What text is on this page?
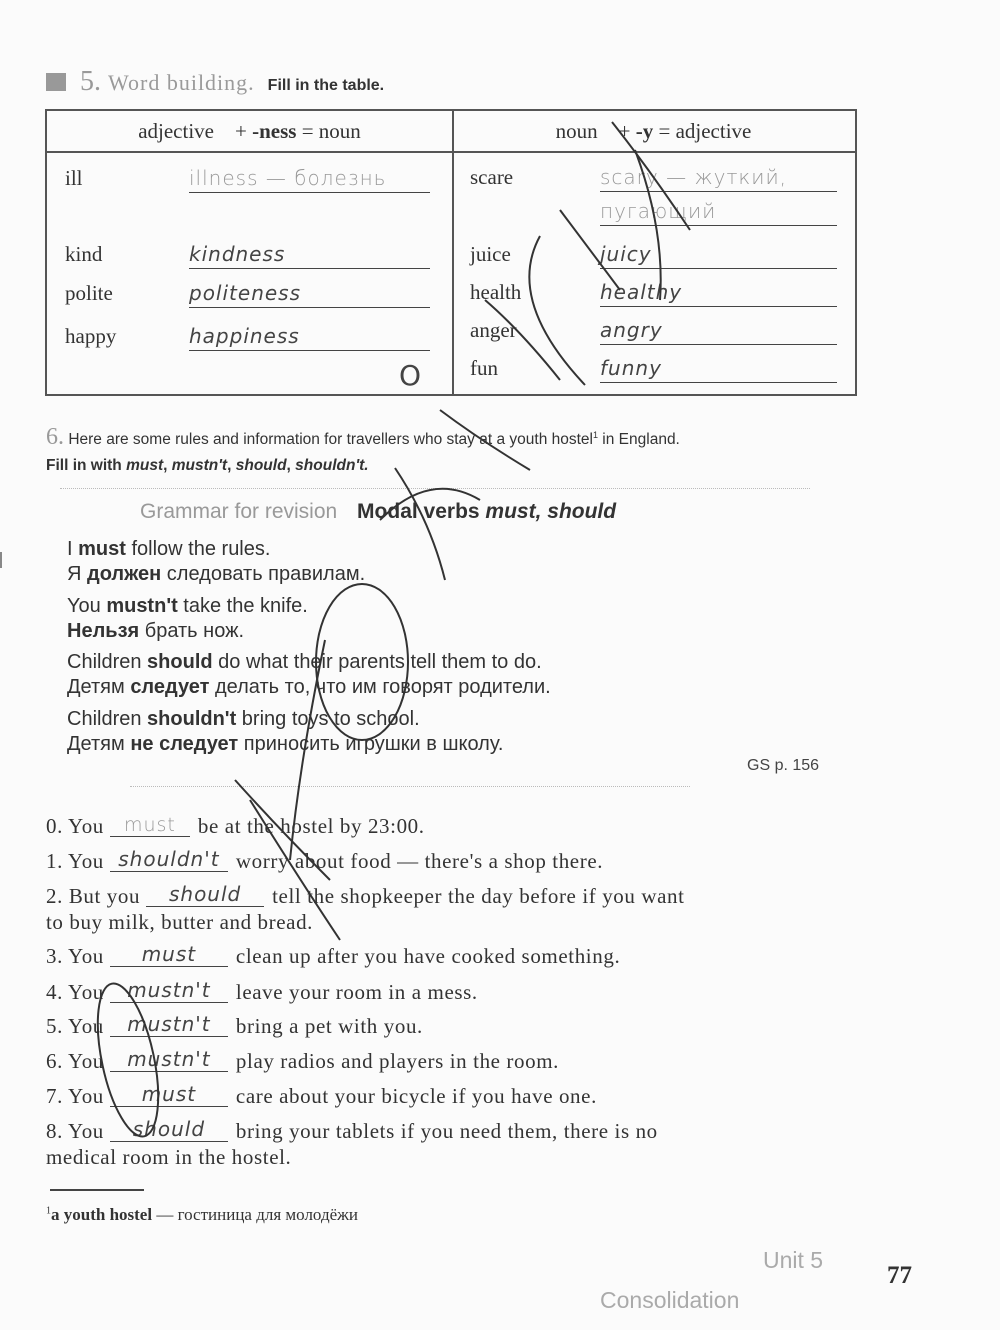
5. Word building. Fill in the table.
adjective + -ness = noun
ill	illness — болезнь
kind	kindness
polite	politeness
happy	happiness
O
noun + -y = adjective
scare	scary — жуткий,
пугающий
juice	juicy
health	healthy
anger	angry
fun	funny
6. Here are some rules and information for travellers who stay at a youth hostel$^1$ in England.
Fill in with must, mustn't, should, shouldn't.
Grammar for revision Modal verbs must, should
I must follow the rules.
Я должен следовать правилам.
You mustn't take the knife.
Нельзя брать нож.
Children should do what their parents tell them to do.
Детям следует делать то, что им говорят родители.
Children shouldn't bring toys to school.
Детям не следует приносить игрушки в школу.
GS p. 156
0. You must be at the hostel by 23:00.
1. You shouldn't worry about food — there's a shop there.
2. But you should tell the shopkeeper the day before if you want
to buy milk, butter and bread.
3. You must clean up after you have cooked something.
4. You mustn't leave your room in a mess.
5. You mustn't bring a pet with you.
6. You mustn't play radios and players in the room.
7. You must care about your bicycle if you have one.
8. You should bring your tablets if you need them, there is no
medical room in the hostel.
$^1$a youth hostel — гостиница для молодёжи
Unit 5
Consolidation
77
